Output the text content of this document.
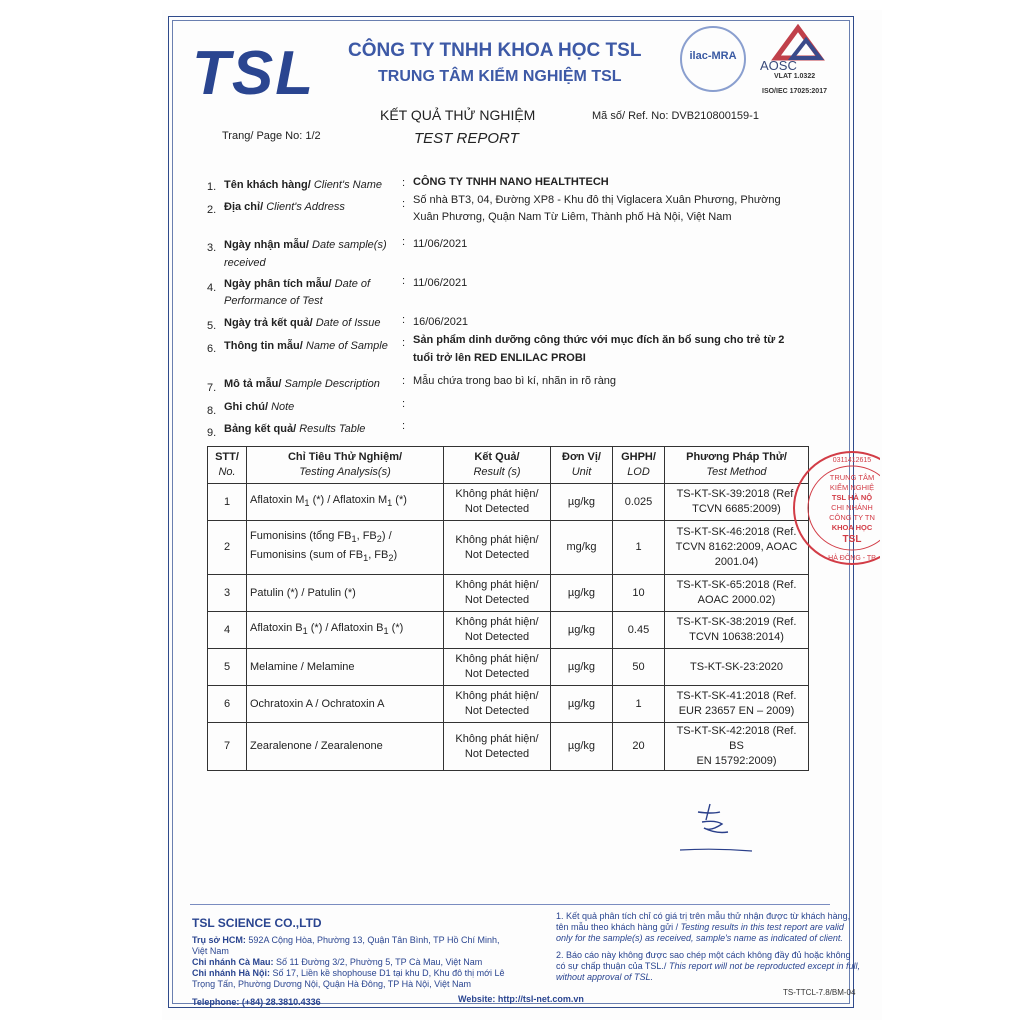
TSL CÔNG TY TNHH KHOA HỌC TSL
TRUNG TÂM KIỂM NGHIỆM TSL
ilac-MRA
AOSC
VLAT 1.0322
ISO/IEC 17025:2017
KẾT QUẢ THỬ NGHIỆM
TEST REPORT
Mã số/ Ref. No: DVB210800159-1
Trang/ Page No: 1/2
1. Tên khách hàng/ Client's Name : CÔNG TY TNHH NANO HEALTHTECH
2. Địa chỉ/ Client's Address	: Số nhà BT3, 04, Đường XP8 - Khu đô thị Viglacera Xuân Phương, Phường
Xuân Phương, Quận Nam Từ Liêm, Thành phố Hà Nội, Việt Nam
3. Ngày nhận mẫu/ Date sample(s)
received
: 11/06/2021
4. Ngày phân tích mẫu/ Date of
Performance of Test
: 11/06/2021
5. Ngày trả kết quả/ Date of Issue : 16/06/2021
6. Thông tin mẫu/ Name of Sample : Sản phẩm dinh dưỡng công thức với mục đích ăn bổ sung cho trẻ từ 2
tuổi trở lên RED ENLILAC PROBI
7. Mô tả mẫu/ Sample Description : Mẫu chứa trong bao bì kí, nhãn in rõ ràng
8. Ghi chú/ Note	:
9. Bảng kết quả/ Results Table	:
STT/
No.	Chỉ Tiêu Thử Nghiệm/
Testing Analysis(s)	Kết Quả/
Result (s)	Đơn Vị/
Unit	GHPH/
LOD	Phương Pháp Thử/
Test Method

1	Aflatoxin $M_1$ (*) / Aflatoxin $M_1$ (*)	Không phát hiện/
Not Detected	µg/kg	0.025	TS-KT-SK-39:2018 (Ref.
TCVN 6685:2009)
2	Fumonisins (tổng $FB_1$, $FB_2$) /
Fumonisins (sum of $FB_1$, $FB_2$)	Không phát hiện/
Not Detected	mg/kg	1	TS-KT-SK-46:2018 (Ref.
TCVN 8162:2009, AOAC
2001.04)
3	Patulin (*) / Patulin (*)	Không phát hiện/
Not Detected	µg/kg	10	TS-KT-SK-65:2018 (Ref.
AOAC 2000.02)
4	Aflatoxin $B_1$ (*) / Aflatoxin $B_1$ (*)	Không phát hiện/
Not Detected	µg/kg	0.45	TS-KT-SK-38:2019 (Ref.
TCVN 10638:2014)
5	Melamine / Melamine	Không phát hiện/
Not Detected	µg/kg	50	TS-KT-SK-23:2020
6	Ochratoxin A / Ochratoxin A	Không phát hiện/
Not Detected	µg/kg	1	TS-KT-SK-41:2018 (Ref.
EUR 23657 EN – 2009)
7	Zearalenone / Zearalenone	Không phát hiện/
Not Detected	µg/kg	20	TS-KT-SK-42:2018 (Ref. BS
EN 15792:2009)
0311412615
TRUNG TÂM
KIỂM NGHIỆ
TSL HÀ NỘ
CHI NHÁNH
CÔNG TY TN
KHOA HỌC
TSL
HÀ ĐÔNG - TP
TSL SCIENCE CO.,LTD
Trụ sở HCM: 592A Cộng Hòa, Phường 13, Quận Tân Bình, TP Hồ Chí Minh,
Việt Nam
Chi nhánh Cà Mau: Số 11 Đường 3/2, Phường 5, TP Cà Mau, Việt Nam
Chi nhánh Hà Nội: Số 17, Liền kề shophouse D1 tại khu D, Khu đô thị mới Lê
Trọng Tấn, Phường Dương Nội, Quận Hà Đông, TP Hà Nội, Việt Nam
Telephone: (+84) 28.3810.4336	Website: http://tsl-net.com.vn
1. Kết quả phân tích chỉ có giá trị trên mẫu thử nhận được từ khách hàng, tên mẫu theo khách hàng gửi / Testing results in this test report are valid only for the sample(s) as received, sample's name as indicated of client.
2. Báo cáo này không được sao chép một cách không đầy đủ hoặc không có sự chấp thuận của TSL./ This report will not be reproducted except in full, without approval of TSL.
TS-TTCL-7.8/BM-04
